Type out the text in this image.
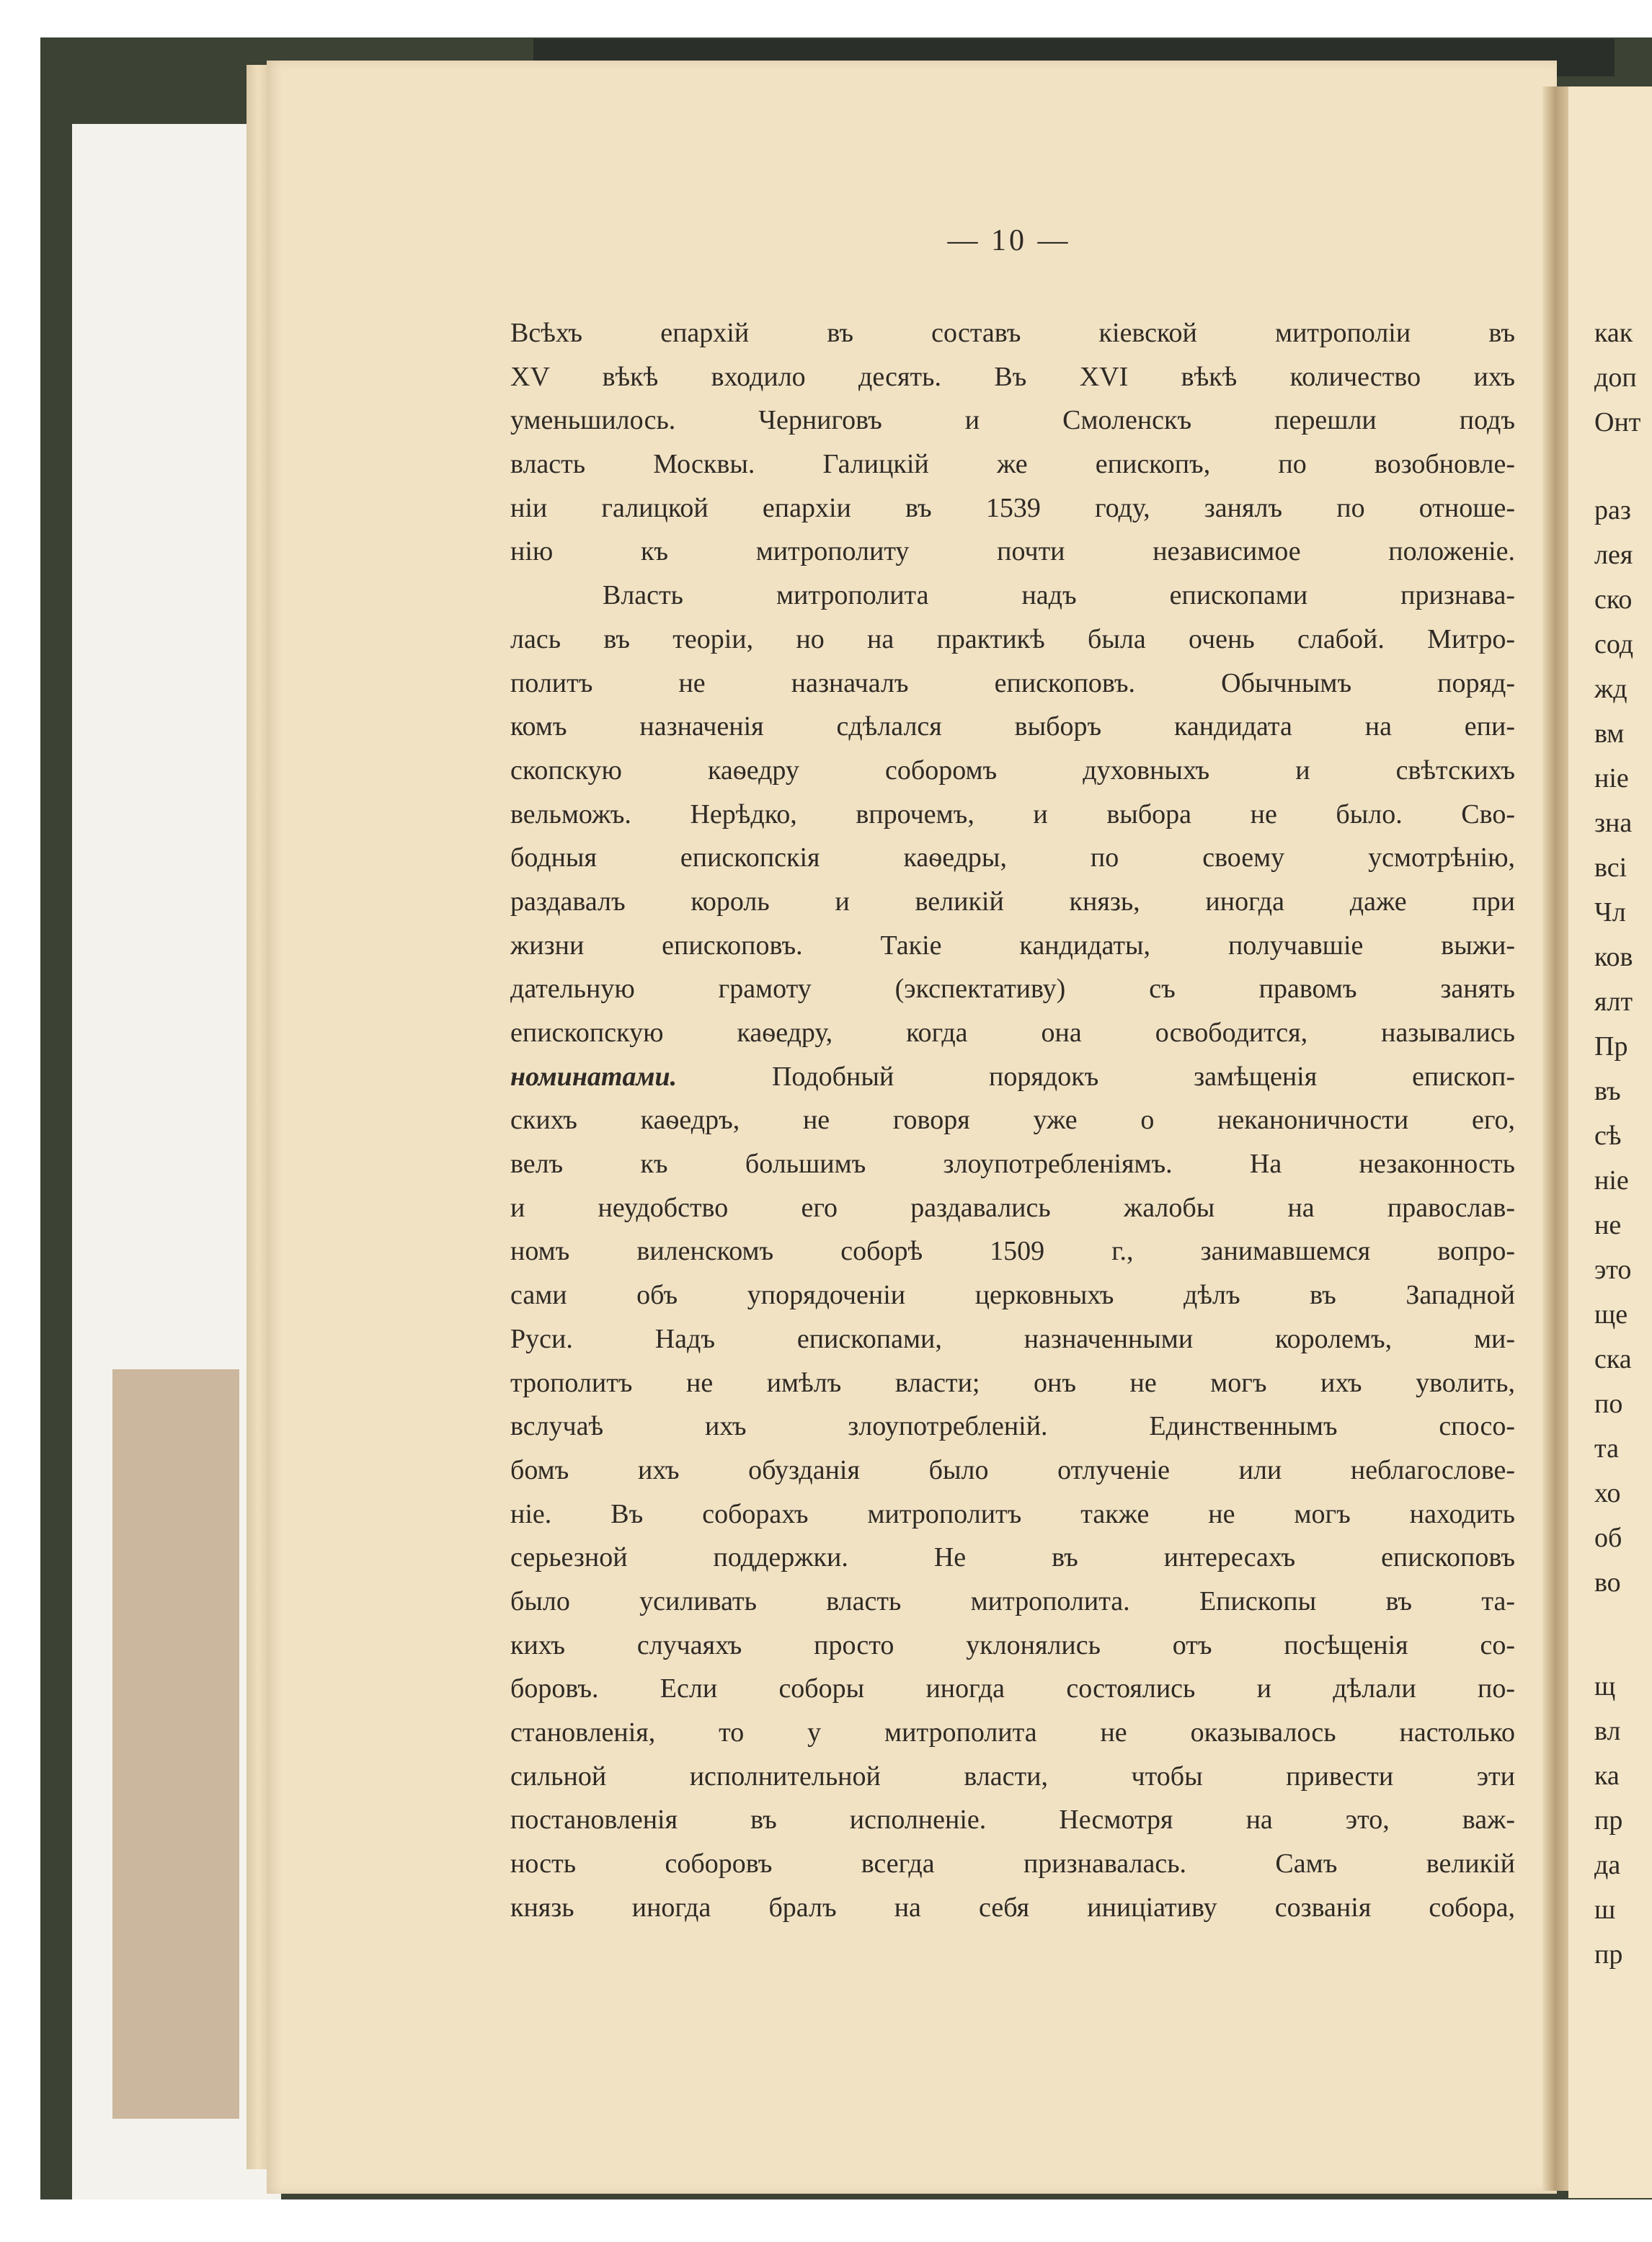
— 10 —
Всѣхъ епархій въ составъ кіевской митрополіи въ
XV вѣкѣ входило десять. Въ XVI вѣкѣ количество ихъ
уменьшилось. Черниговъ и Смоленскъ перешли подъ
власть Москвы. Галицкій же епископъ, по возобновле-
ніи галицкой епархіи въ 1539 году, занялъ по отноше-
нію къ митрополиту почти независимое положеніе.
Власть митрополита надъ епископами признава-
лась въ теоріи, но на практикѣ была очень слабой. Митро-
политъ не назначалъ епископовъ. Обычнымъ поряд-
комъ назначенія сдѣлался выборъ кандидата на епи-
скопскую каѳедру соборомъ духовныхъ и свѣтскихъ
вельможъ. Нерѣдко, впрочемъ, и выбора не было. Сво-
бодныя епископскія каѳедры, по своему усмотрѣнію,
раздавалъ король и великій князь, иногда даже при
жизни епископовъ. Такіе кандидаты, получавшіе выжи-
дательную грамоту (экспектативу) съ правомъ занять
епископскую каѳедру, когда она освободится, назывались
номинатами. Подобный порядокъ замѣщенія епископ-
скихъ каѳедръ, не говоря уже о неканоничности его,
велъ къ большимъ злоупотребленіямъ. На незаконность
и неудобство его раздавались жалобы на православ-
номъ виленскомъ соборѣ 1509 г., занимавшемся вопро-
сами объ упорядоченіи церковныхъ дѣлъ въ Западной
Руси. Надъ епископами, назначенными королемъ, ми-
трополитъ не имѣлъ власти; онъ не могъ ихъ уволить,
вслучаѣ ихъ злоупотребленій. Единственнымъ спосо-
бомъ ихъ обузданія было отлученіе или неблагослове-
ніе. Въ соборахъ митрополитъ также не могъ находить
серьезной поддержки. Не въ интересахъ епископовъ
было усиливать власть митрополита. Епископы въ та-
кихъ случаяхъ просто уклонялись отъ посѣщенія со-
боровъ. Если соборы иногда состоялись и дѣлали по-
становленія, то у митрополита не оказывалось настолько
сильной исполнительной власти, чтобы привести эти
постановленія въ исполненіе. Несмотря на это, важ-
ность соборовъ всегда признавалась. Самъ великій
князь иногда бралъ на себя иниціативу созванія собора,
как
доп
Онт
раз
лея
ско
сод
жд
вм
ніе
зна
всі
Чл
ков
ялт
Пр
въ
сѣ
ніе
не
это
ще
ска
по
та
хо
об
во
щ
вл
ка
пр
да
ш
пр
